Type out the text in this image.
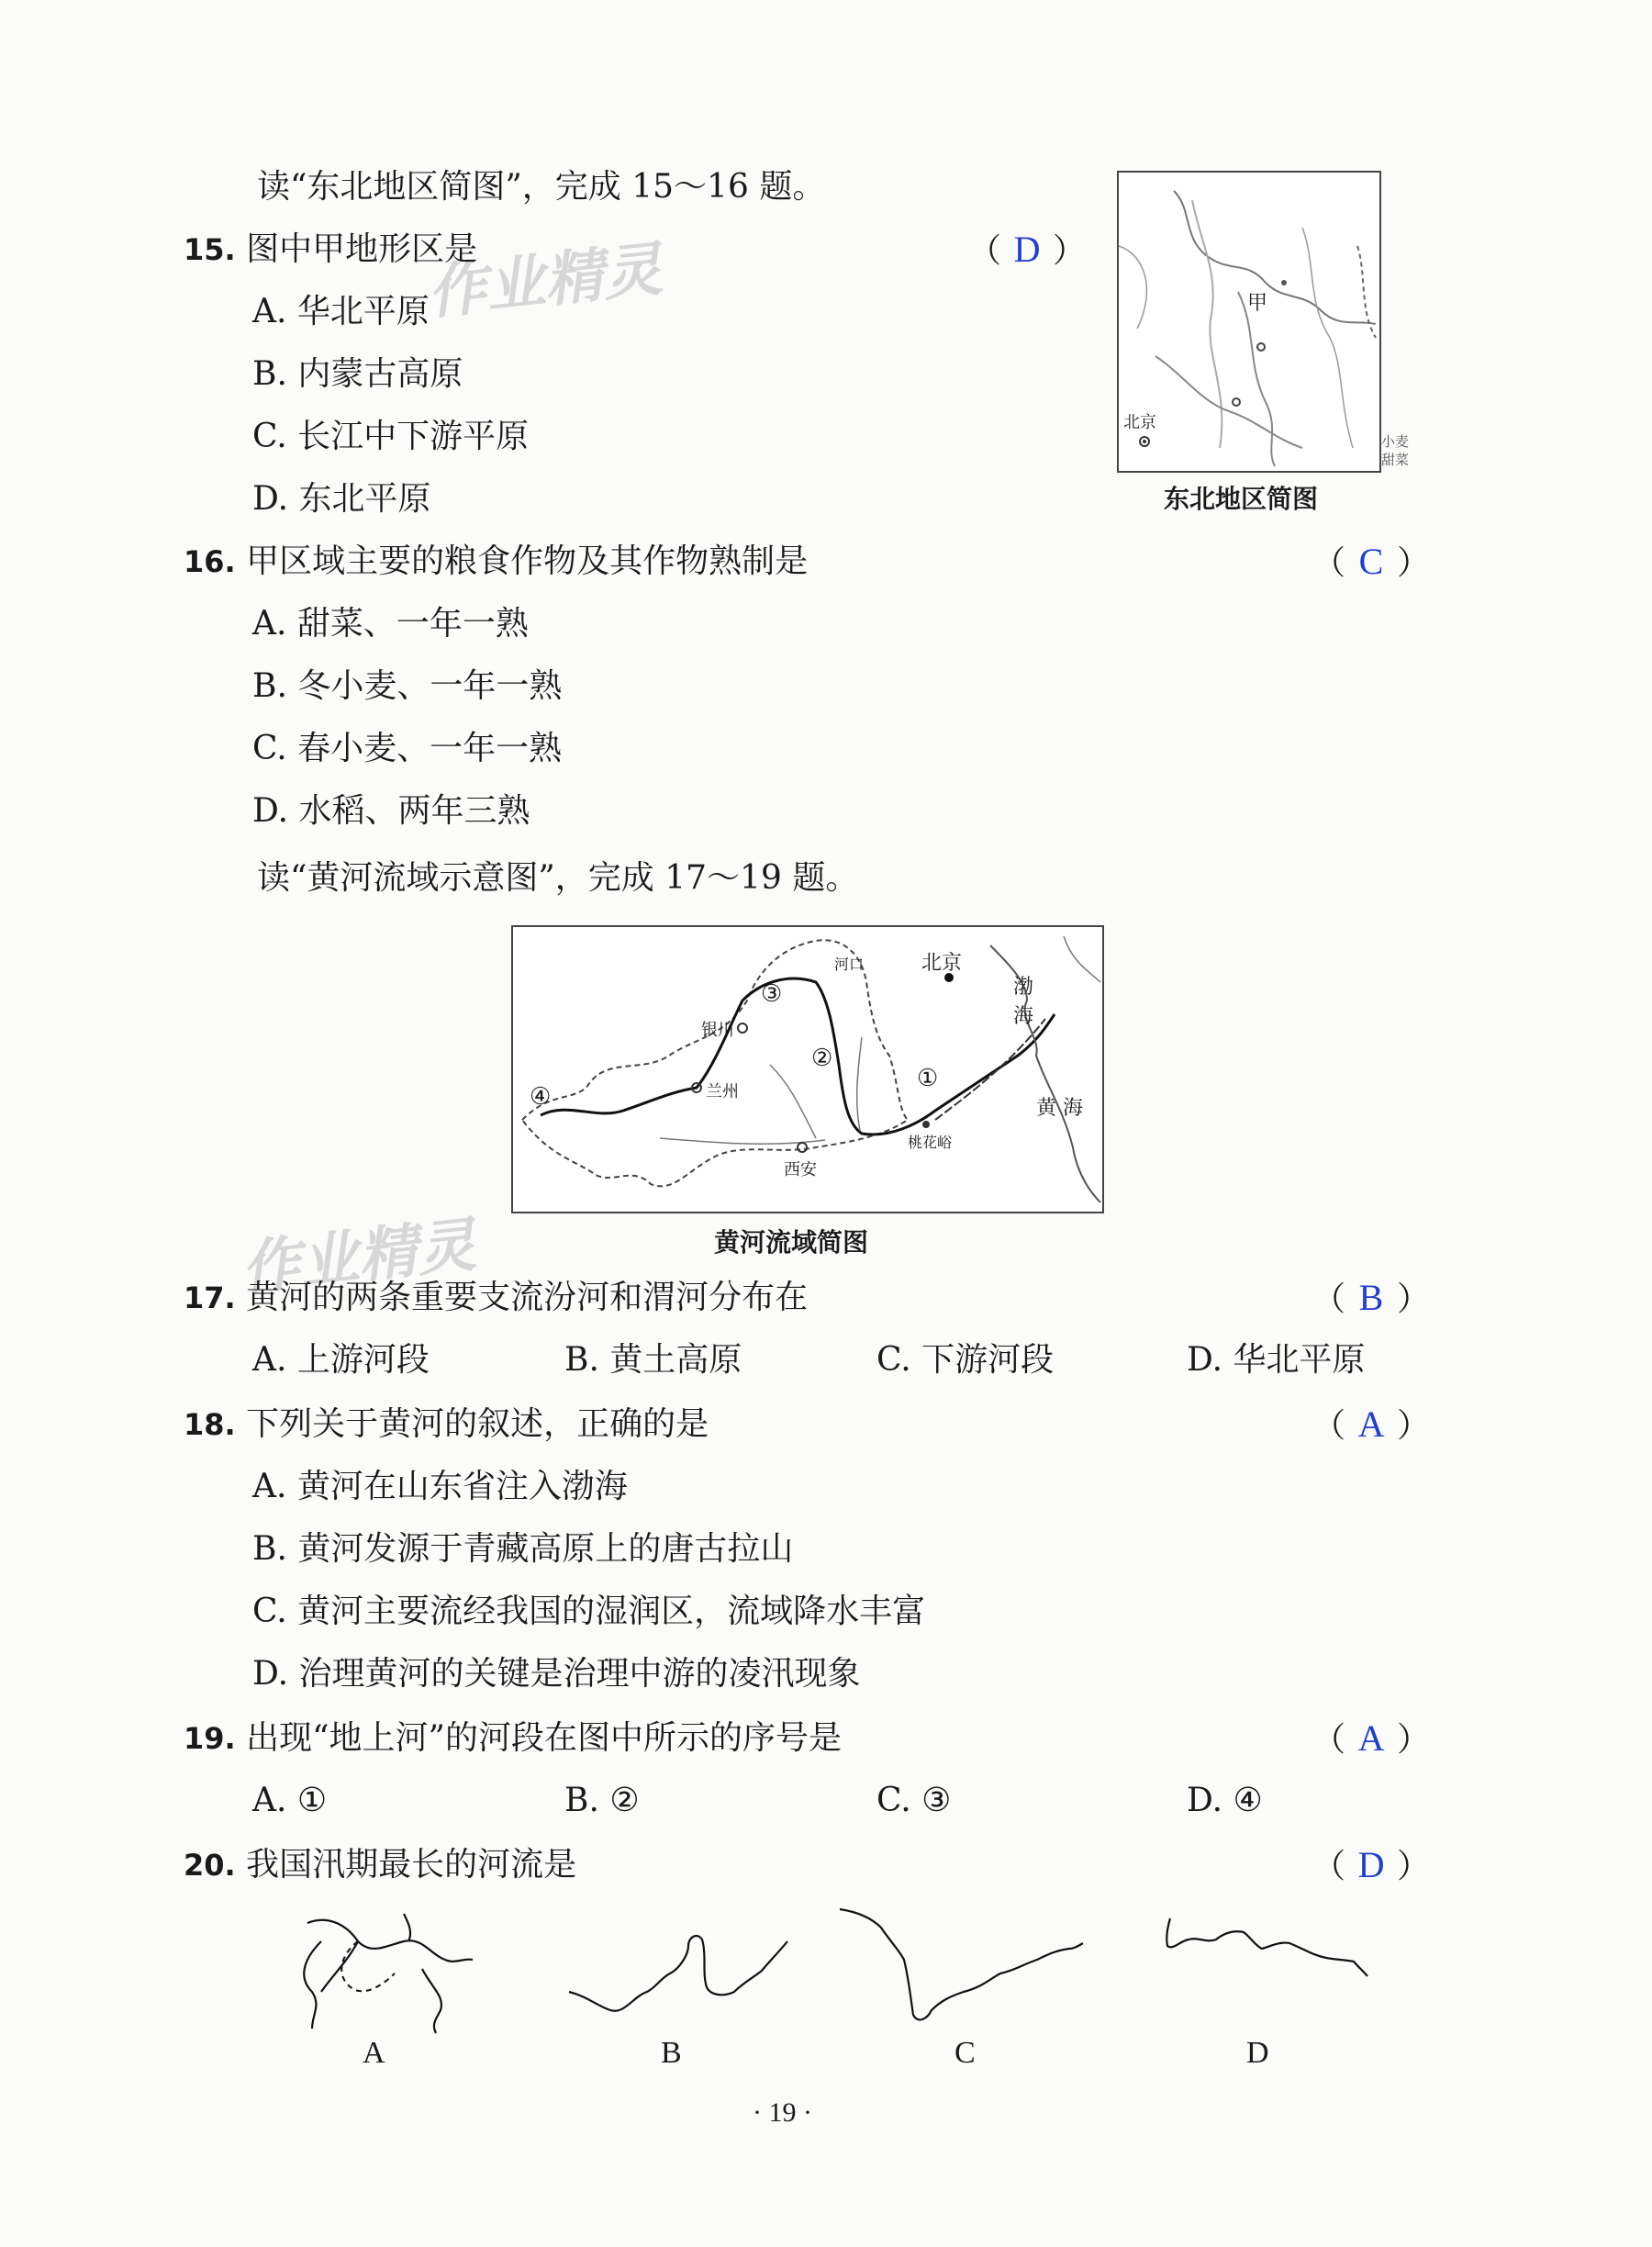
作业精灵
作业精灵
读“东北地区简图”，完成 15～16 题。
15. 图中甲地形区是	（ D ）
A. 华北平原
B. 内蒙古高原
C. 长江中下游平原
D. 东北平原
甲
北京
小麦
甜菜
东北地区简图
16. 甲区域主要的粮食作物及其作物熟制是	（ C ）
A. 甜菜、一年一熟
B. 冬小麦、一年一熟
C. 春小麦、一年一熟
D. 水稻、两年三熟
读“黄河流域示意图”，完成 17～19 题。
北京
渤海
黄 海
银川
兰州
西安
桃花峪
河口
①
②
③
④
黄河流域简图
17. 黄河的两条重要支流汾河和渭河分布在	（ B ）
A. 上游河段	B. 黄土高原	C. 下游河段	D. 华北平原
18. 下列关于黄河的叙述，正确的是	（ A ）
A. 黄河在山东省注入渤海
B. 黄河发源于青藏高原上的唐古拉山
C. 黄河主要流经我国的湿润区，流域降水丰富
D. 治理黄河的关键是治理中游的凌汛现象
19. 出现“地上河”的河段在图中所示的序号是	（ A ）
A. ①	B. ②	C. ③	D. ④
20. 我国汛期最长的河流是	（ D ）
A	B	C	D
· 19 ·
